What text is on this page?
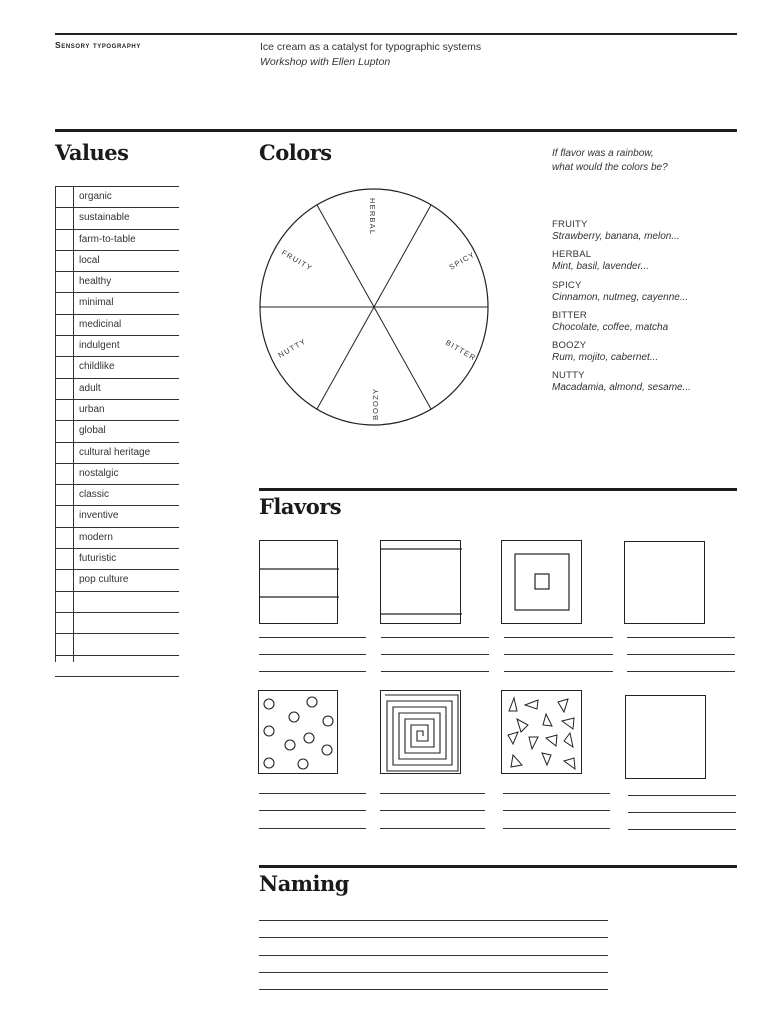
Sensory typography	Ice cream as a catalyst for typographic systems
Workshop with Ellen Lupton
Values
organic
sustainable
farm-to-table
local
healthy
minimal
medicinal
indulgent
childlike
adult
urban
global
cultural heritage
nostalgic
classic
inventive
modern
futuristic
pop culture
Colors	If flavor was a rainbow,
what would the colors be?
HERBAL
SPICY
BITTER
BOOZY
NUTTY
FRUITY
FRUITY
Strawberry, banana, melon...
HERBAL
Mint, basil, lavender...
SPICY
Cinnamon, nutmeg, cayenne...
BITTER
Chocolate, coffee, matcha
BOOZY
Rum, mojito, cabernet...
NUTTY
Macadamia, almond, sesame...
Flavors
Naming
